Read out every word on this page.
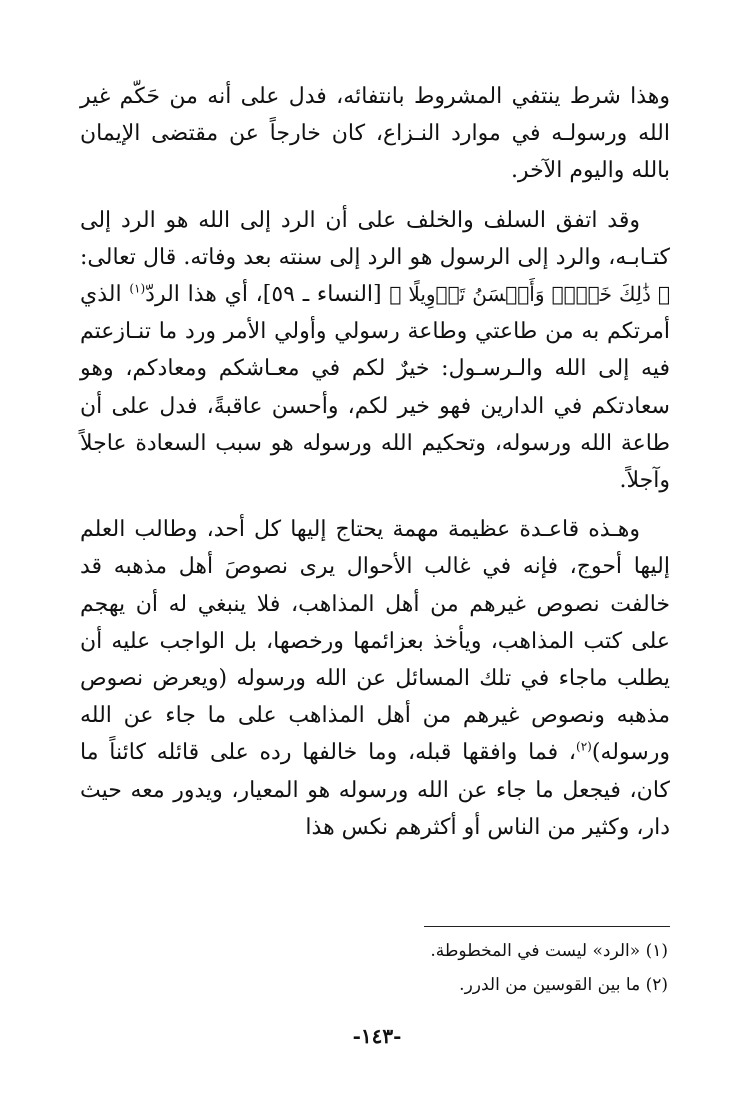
وهذا شرط ينتفي المشروط بانتفائه، فدل على أنه من حَكّم غير الله ورسولـه في موارد النـزاع، كان خارجاً عن مقتضى الإيمان بالله واليوم الآخر.

وقد اتفق السلف والخلف على أن الرد إلى الله هو الرد إلى كتـابـه، والرد إلى الرسول هو الرد إلى سنته بعد وفاته. قال تعالى: ﴿ ذَٰلِكَ خَيۡرٞ وَأَحۡسَنُ تَأۡوِيلًا ﴾ [النساء ـ ٥٩]، أي هذا الردّ$^{(١)}$ الذي أمرتكم به من طاعتي وطاعة رسولي وأولي الأمر ورد ما تنـازعتم فيه إلى الله والـرسـول: خيرٌ لكم في معـاشكم ومعادكم، وهو سعادتكم في الدارين فهو خير لكم، وأحسن عاقبةً، فدل على أن طاعة الله ورسوله، وتحكيم الله ورسوله هو سبب السعادة عاجلاً وآجلاً.

وهـذه قاعـدة عظيمة مهمة يحتاج إليها كل أحد، وطالب العلم إليها أحوج، فإنه في غالب الأحوال يرى نصوصَ أهل مذهبه قد خالفت نصوص غيرهم من أهل المذاهب، فلا ينبغي له أن يهجم على كتب المذاهب، ويأخذ بعزائمها ورخصها، بل الواجب عليه أن يطلب ماجاء في تلك المسائل عن الله ورسوله (ويعرض نصوص مذهبه ونصوص غيرهم من أهل المذاهب على ما جاء عن الله ورسوله)$^{(٢)}$، فما وافقها قبله، وما خالفها رده على قائله كائناً ما كان، فيجعل ما جاء عن الله ورسوله هو المعيار، ويدور معه حيث دار، وكثير من الناس أو أكثرهم نكس هذا

(١) «الرد» ليست في المخطوطة.

(٢) ما بين القوسين من الدرر.

-١٤٣-
